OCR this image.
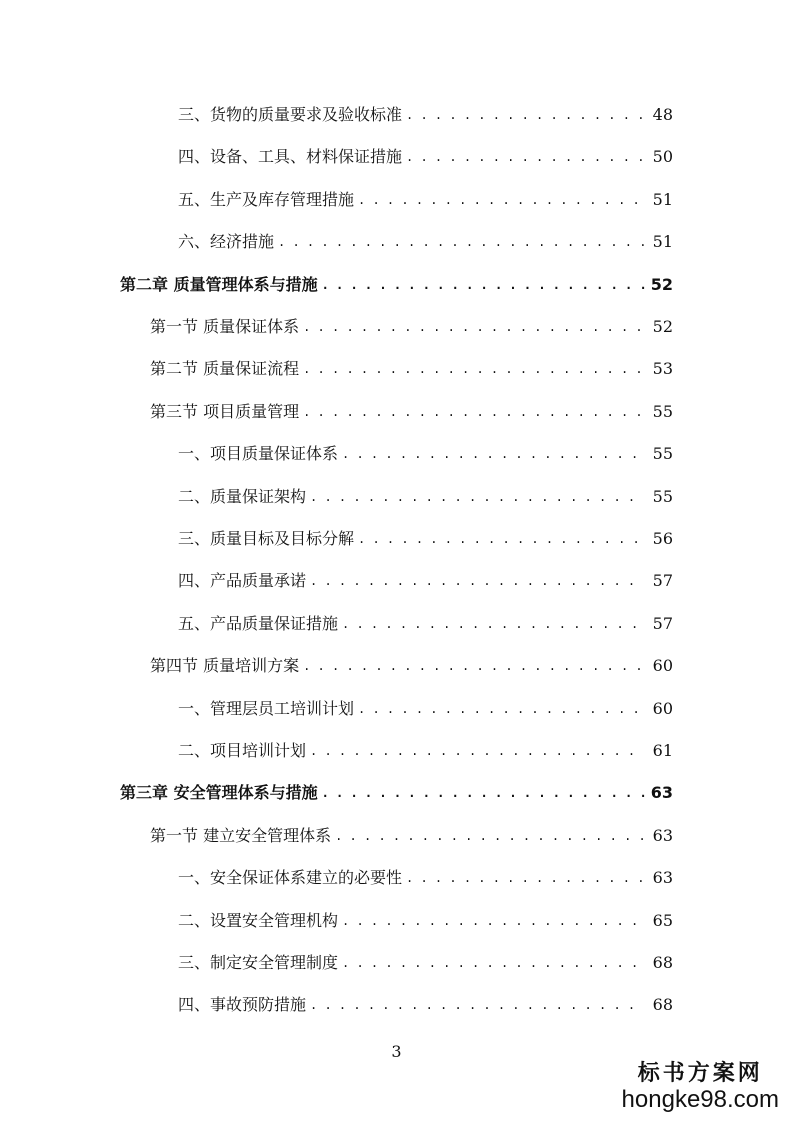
三、货物的质量要求及验收标准 . . .	48
四、设备、工具、材料保证措施 . . .	50
五、生产及库存管理措施 . . .	51
六、经济措施 . . .	51
第二章 质量管理体系与措施 . . .	52
第一节 质量保证体系 . . .	52
第二节 质量保证流程 . . .	53
第三节 项目质量管理 . . .	55
一、项目质量保证体系 . . .	55
二、质量保证架构 . . .	55
三、质量目标及目标分解 . . .	56
四、产品质量承诺 . . .	57
五、产品质量保证措施 . . .	57
第四节 质量培训方案 . . .	60
一、管理层员工培训计划 . . .	60
二、项目培训计划 . . .	61
第三章 安全管理体系与措施 . . .	63
第一节 建立安全管理体系 . . .	63
一、安全保证体系建立的必要性 . . .	63
二、设置安全管理机构 . . .	65
三、制定安全管理制度 . . .	68
四、事故预防措施 . . .	68
3
标书方案网
hongke98.com
